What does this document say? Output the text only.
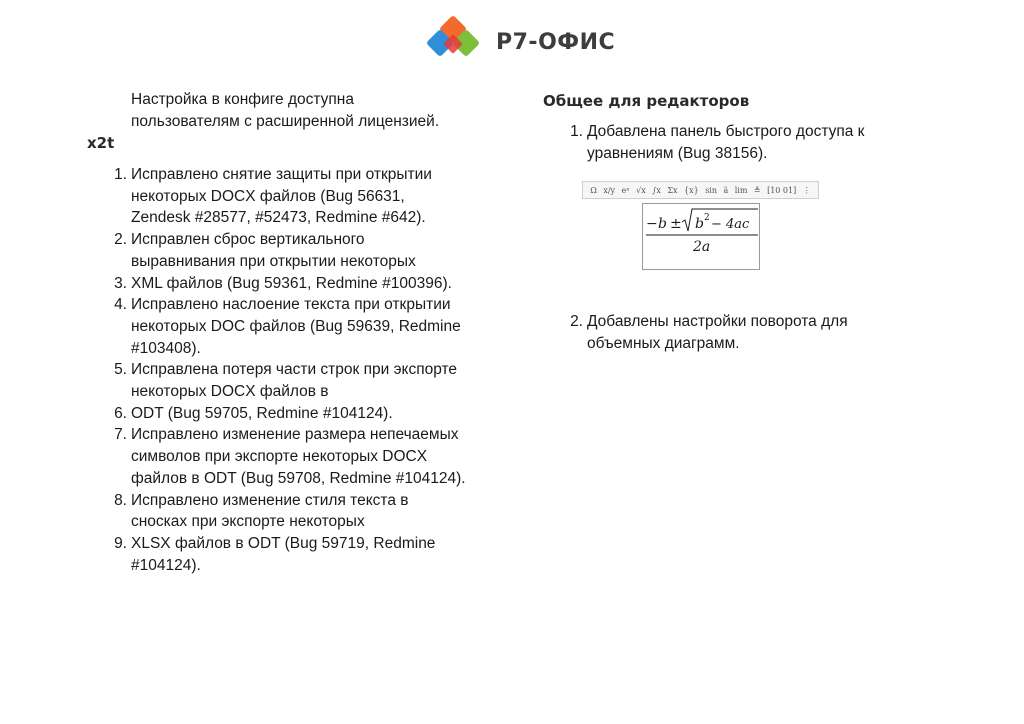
Р7-ОФИС
Настройка в конфиге доступна
пользователям с расширенной лицензией.
x2t
1. Исправлено снятие защиты при открытии
некоторых DOCX файлов (Bug 56631,
Zendesk #28577, #52473, Redmine #642).
2. Исправлен сброс вертикального
выравнивания при открытии некоторых
3. XML файлов (Bug 59361, Redmine #100396).
4. Исправлено наслоение текста при открытии
некоторых DOC файлов (Bug 59639, Redmine
#103408).
5. Исправлена потеря части строк при экспорте
некоторых DOCX файлов в
6. ODT (Bug 59705, Redmine #104124).
7. Исправлено изменение размера непечаемых
символов при экспорте некоторых DOCX
файлов в ODT (Bug 59708, Redmine #104124).
8. Исправлено изменение стиля текста в
сносках при экспорте некоторых
9. XLSX файлов в ODT (Bug 59719, Redmine
#104124).
Общее для редакторов
1. Добавлена панель быстрого доступа к
уравнениям (Bug 38156).
Ω x/y eˣ √x ∫x Σx {x} sin ä lim ≜ [10 01] ⋮
− b ± b 2 − 4ac
2a
2. Добавлены настройки поворота для
объемных диаграмм.
